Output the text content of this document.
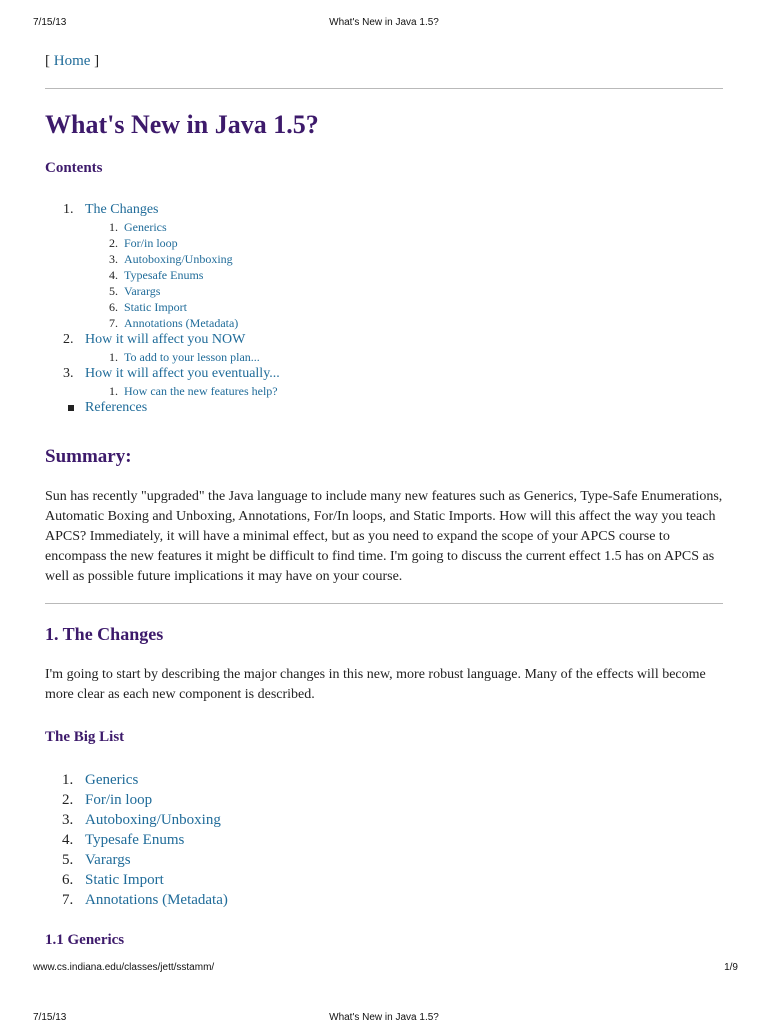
7/15/13	What's New in Java 1.5?
[ Home ]
What's New in Java 1.5?
Contents
1. The Changes
1. Generics
2. For/in loop
3. Autoboxing/Unboxing
4. Typesafe Enums
5. Varargs
6. Static Import
7. Annotations (Metadata)
2. How it will affect you NOW
1. To add to your lesson plan...
3. How it will affect you eventually...
1. How can the new features help?
References
Summary:

Sun has recently "upgraded" the Java language to include many new features such as Generics, Type-Safe Enumerations, Automatic Boxing and Unboxing, Annotations, For/In loops, and Static Imports. How will this affect the way you teach APCS? Immediately, it will have a minimal effect, but as you need to expand the scope of your APCS course to encompass the new features it might be difficult to find time. I'm going to discuss the current effect 1.5 has on APCS as well as possible future implications it may have on your course.

1. The Changes

I'm going to start by describing the major changes in this new, more robust language. Many of the effects will become more clear as each new component is described.

The Big List
1. Generics
2. For/in loop
3. Autoboxing/Unboxing
4. Typesafe Enums
5. Varargs
6. Static Import
7. Annotations (Metadata)
1.1 Generics
www.cs.indiana.edu/classes/jett/sstamm/	1/9
7/15/13	What's New in Java 1.5?
